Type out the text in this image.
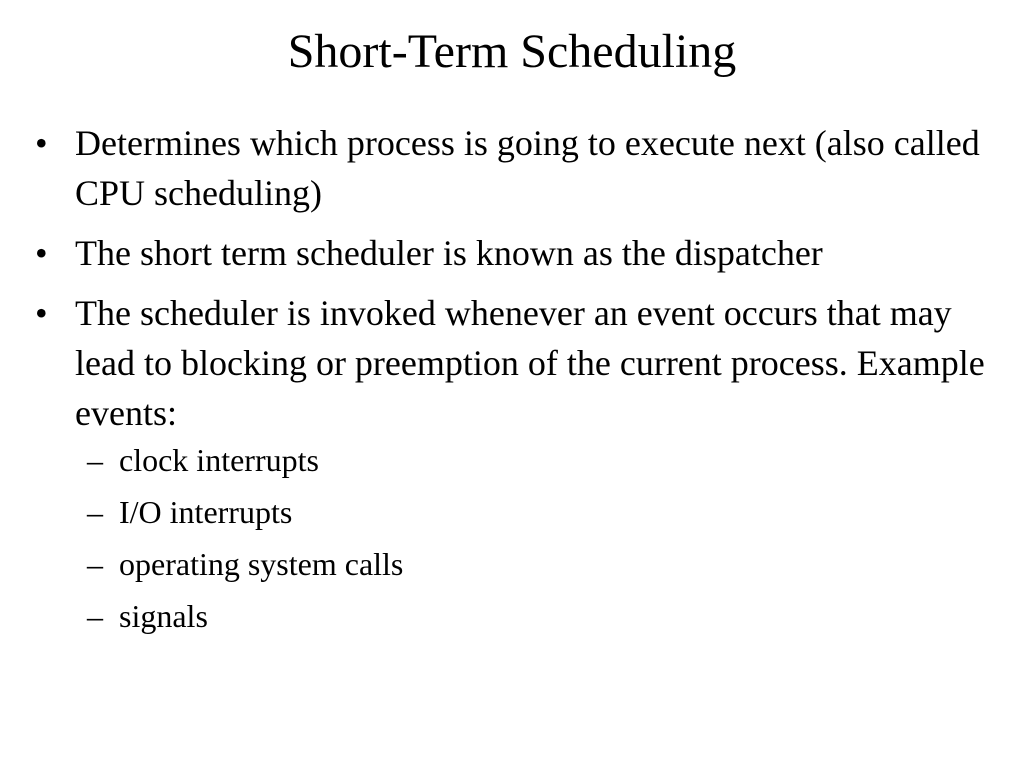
Short-Term Scheduling
• Determines which process is going to execute next (also called CPU scheduling)
• The short term scheduler is known as the dispatcher
• The scheduler is invoked whenever an event occurs that may lead to blocking or preemption of the current process. Example events:
– clock interrupts
– I/O interrupts
– operating system calls
– signals
